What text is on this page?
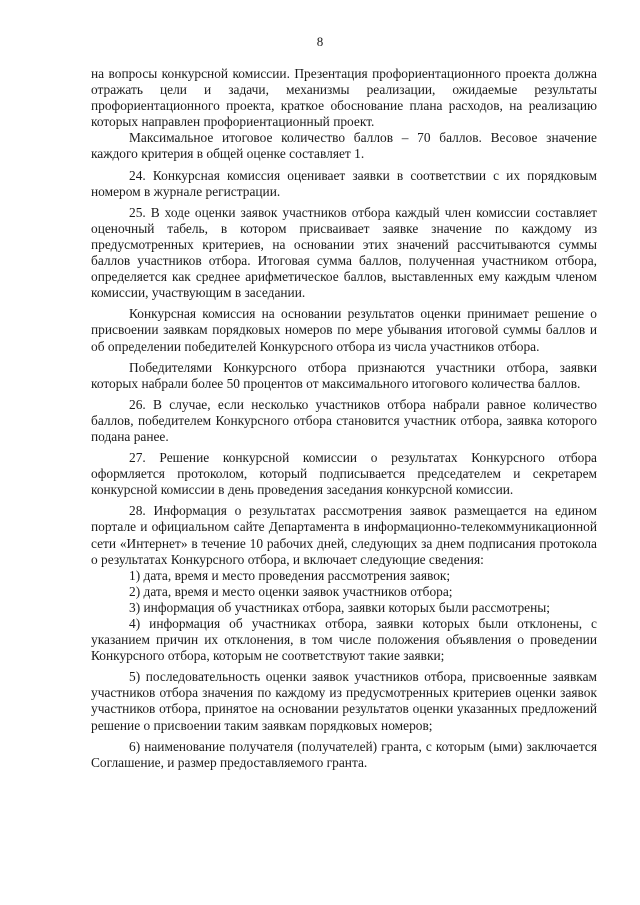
8

на вопросы конкурсной комиссии. Презентация профориентационного проекта должна отражать цели и задачи, механизмы реализации, ожидаемые результаты профориентационного проекта, краткое обоснование плана расходов, на реализацию которых направлен профориентационный проект.

Максимальное итоговое количество баллов – 70 баллов. Весовое значение каждого критерия в общей оценке составляет 1.

24. Конкурсная комиссия оценивает заявки в соответствии с их порядковым номером в журнале регистрации.

25. В ходе оценки заявок участников отбора каждый член комиссии составляет оценочный табель, в котором присваивает заявке значение по каждому из предусмотренных критериев, на основании этих значений рассчитываются суммы баллов участников отбора. Итоговая сумма баллов, полученная участником отбора, определяется как среднее арифметическое баллов, выставленных ему каждым членом комиссии, участвующим в заседании.

Конкурсная комиссия на основании результатов оценки принимает решение о присвоении заявкам порядковых номеров по мере убывания итоговой суммы баллов и об определении победителей Конкурсного отбора из числа участников отбора.

Победителями Конкурсного отбора признаются участники отбора, заявки которых набрали более 50 процентов от максимального итогового количества баллов.

26. В случае, если несколько участников отбора набрали равное количество баллов, победителем Конкурсного отбора становится участник отбора, заявка которого подана ранее.

27. Решение конкурсной комиссии о результатах Конкурсного отбора оформляется протоколом, который подписывается председателем и секретарем конкурсной комиссии в день проведения заседания конкурсной комиссии.

28. Информация о результатах рассмотрения заявок размещается на едином портале и официальном сайте Департамента в информационно-телекоммуникационной сети «Интернет» в течение 10 рабочих дней, следующих за днем подписания протокола о результатах Конкурсного отбора, и включает следующие сведения:

1) дата, время и место проведения рассмотрения заявок;

2) дата, время и место оценки заявок участников отбора;

3) информация об участниках отбора, заявки которых были рассмотрены;

4) информация об участниках отбора, заявки которых были отклонены, с указанием причин их отклонения, в том числе положения объявления о проведении Конкурсного отбора, которым не соответствуют такие заявки;

5) последовательность оценки заявок участников отбора, присвоенные заявкам участников отбора значения по каждому из предусмотренных критериев оценки заявок участников отбора, принятое на основании результатов оценки указанных предложений решение о присвоении таким заявкам порядковых номеров;

6) наименование получателя (получателей) гранта, с которым (ыми) заключается Соглашение, и размер предоставляемого гранта.
